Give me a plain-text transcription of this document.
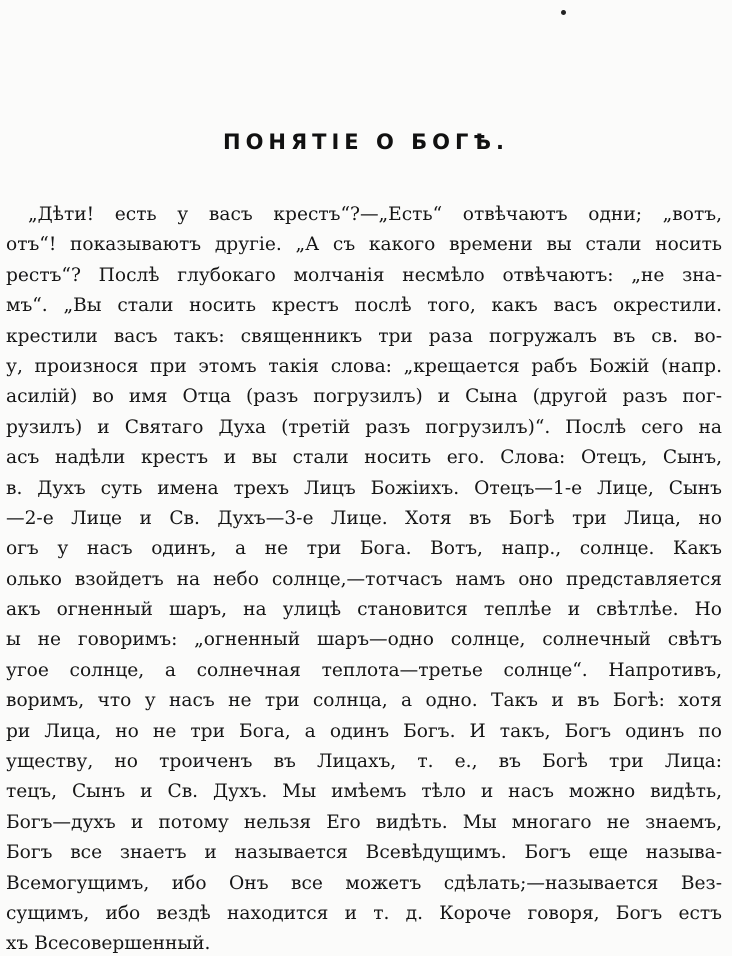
ПОНЯТІЕ О БОГѢ.
„Дѣти! есть у васъ крестъ“?—„Есть“ отвѣчаютъ одни; „вотъ,
отъ“! показываютъ другіе. „А съ какого времени вы стали носить
рестъ“? Послѣ глубокаго молчанія несмѣло отвѣчаютъ: „не зна-
мъ“. „Вы стали носить крестъ послѣ того, какъ васъ окрестили.
крестили васъ такъ: священникъ три раза погружалъ въ св. во-
у, произнося при этомъ такія слова: „крещается рабъ Божій (напр.
асилій) во имя Отца (разъ погрузилъ) и Сына (другой разъ пог-
рузилъ) и Святаго Духа (третій разъ погрузилъ)“. Послѣ сего на
асъ надѣли крестъ и вы стали носить его. Слова: Отецъ, Сынъ,
в. Духъ суть имена трехъ Лицъ Божіихъ. Отецъ—1-е Лице, Сынъ
—2-е Лице и Св. Духъ—3-е Лице. Хотя въ Богѣ три Лица, но
огъ у насъ одинъ, а не три Бога. Вотъ, напр., солнце. Какъ
олько взойдетъ на небо солнце,—тотчасъ намъ оно представляется
акъ огненный шаръ, на улицѣ становится теплѣе и свѣтлѣе. Но
ы не говоримъ: „огненный шаръ—одно солнце, солнечный свѣтъ
угое солнце, а солнечная теплота—третье солнце“. Напротивъ,
воримъ, что у насъ не три солнца, а одно. Такъ и въ Богѣ: хотя
ри Лица, но не три Бога, а одинъ Богъ. И такъ, Богъ одинъ по
уществу, но троиченъ въ Лицахъ, т. е., въ Богѣ три Лица:
тецъ, Сынъ и Св. Духъ. Мы имѣемъ тѣло и насъ можно видѣть,
Богъ—духъ и потому нельзя Его видѣть. Мы многаго не знаемъ,
Богъ все знаетъ и называется Всевѣдущимъ. Богъ еще называ-
Всемогущимъ, ибо Онъ все можетъ сдѣлать;—называется Вез-
сущимъ, ибо вездѣ находится и т. д. Короче говоря, Богъ естъ
хъ Всесовершенный.
